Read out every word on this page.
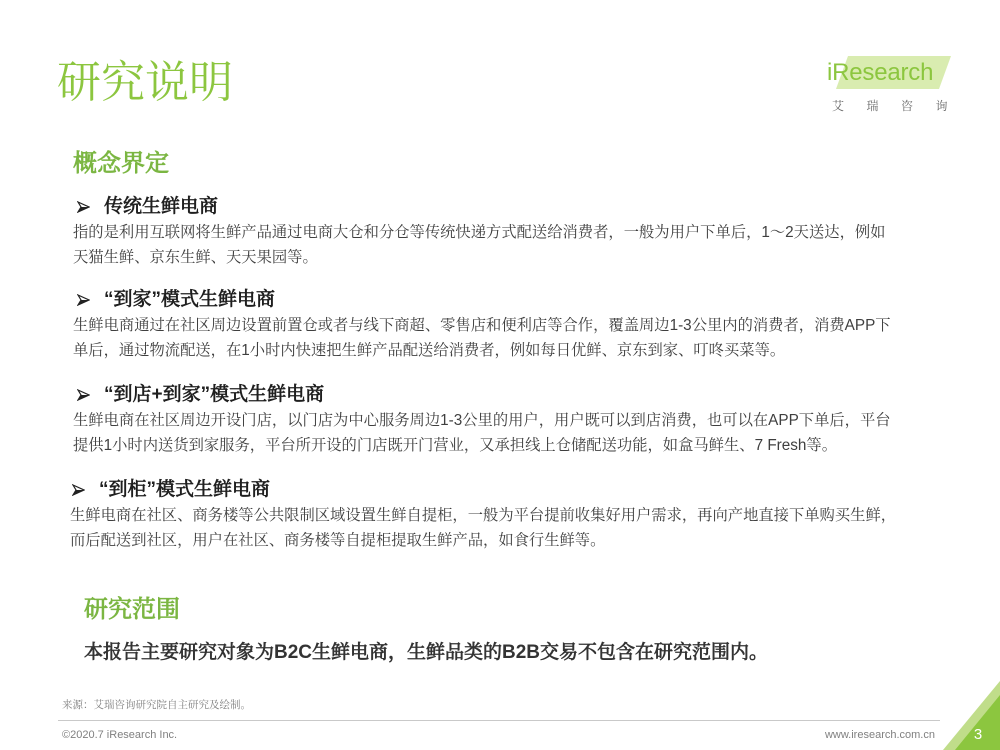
研究说明	iResearch
艾瑞咨询
概念界定
传统生鲜电商
指的是利用互联网将生鲜产品通过电商大仓和分仓等传统快递方式配送给消费者，一般为用户下单后，1～2天送达，例如
天猫生鲜、京东生鲜、天天果园等。
“到家”模式生鲜电商
生鲜电商通过在社区周边设置前置仓或者与线下商超、零售店和便利店等合作，覆盖周边1-3公里内的消费者，消费APP下
单后，通过物流配送，在1小时内快速把生鲜产品配送给消费者，例如每日优鲜、京东到家、叮咚买菜等。
“到店+到家”模式生鲜电商
生鲜电商在社区周边开设门店，以门店为中心服务周边1-3公里的用户，用户既可以到店消费，也可以在APP下单后，平台
提供1小时内送货到家服务，平台所开设的门店既开门营业，又承担线上仓储配送功能，如盒马鲜生、7 Fresh等。
“到柜”模式生鲜电商
生鲜电商在社区、商务楼等公共限制区域设置生鲜自提柜，一般为平台提前收集好用户需求，再向产地直接下单购买生鲜，
而后配送到社区，用户在社区、商务楼等自提柜提取生鲜产品，如食行生鲜等。
研究范围
本报告主要研究对象为B2C生鲜电商，生鲜品类的B2B交易不包含在研究范围内。
来源：艾瑞咨询研究院自主研究及绘制。
©2020.7 iResearch Inc.	www.iresearch.com.cn	3
